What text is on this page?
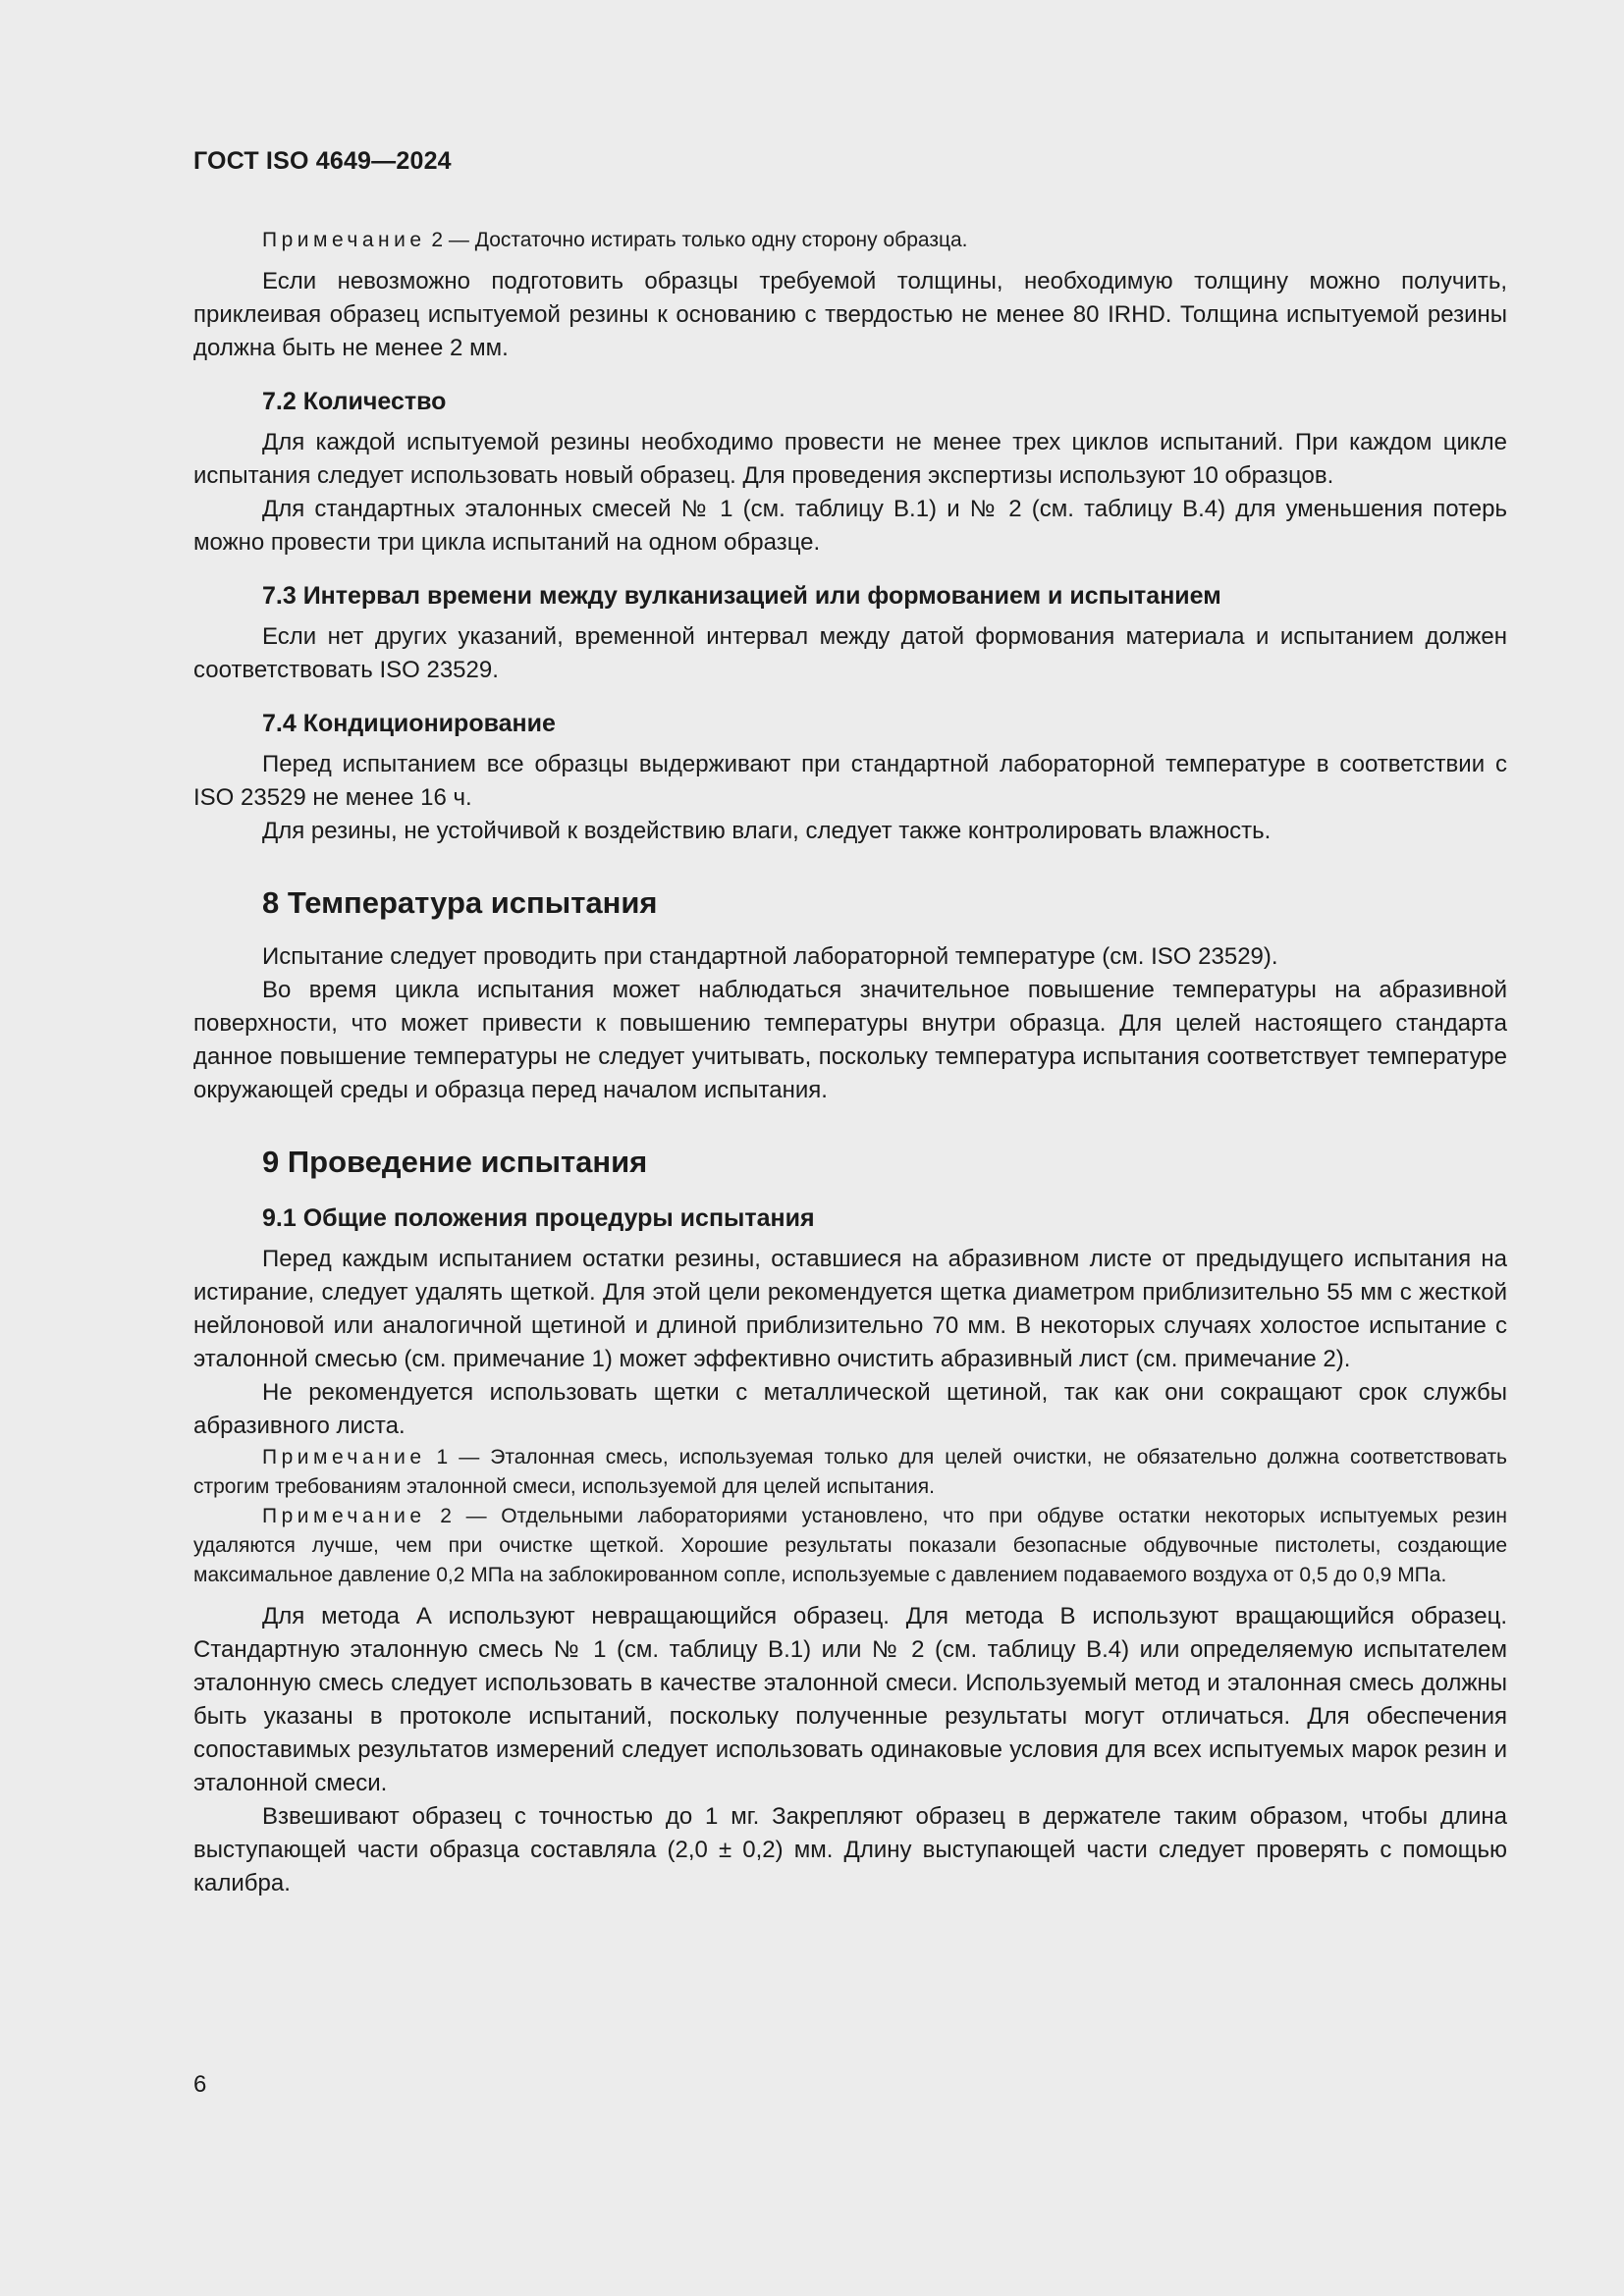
ГОСТ ISO 4649—2024

Примечание 2 — Достаточно истирать только одну сторону образца.

Если невозможно подготовить образцы требуемой толщины, необходимую толщину можно получить, приклеивая образец испытуемой резины к основанию с твердостью не менее 80 IRHD. Толщина испытуемой резины должна быть не менее 2 мм.

7.2 Количество

Для каждой испытуемой резины необходимо провести не менее трех циклов испытаний. При каждом цикле испытания следует использовать новый образец. Для проведения экспертизы используют 10 образцов.

Для стандартных эталонных смесей № 1 (см. таблицу В.1) и № 2 (см. таблицу В.4) для уменьшения потерь можно провести три цикла испытаний на одном образце.

7.3 Интервал времени между вулканизацией или формованием и испытанием

Если нет других указаний, временной интервал между датой формования материала и испытанием должен соответствовать ISO 23529.

7.4 Кондиционирование

Перед испытанием все образцы выдерживают при стандартной лабораторной температуре в соответствии с ISO 23529 не менее 16 ч.

Для резины, не устойчивой к воздействию влаги, следует также контролировать влажность.

8 Температура испытания

Испытание следует проводить при стандартной лабораторной температуре (см. ISO 23529).

Во время цикла испытания может наблюдаться значительное повышение температуры на абразивной поверхности, что может привести к повышению температуры внутри образца. Для целей настоящего стандарта данное повышение температуры не следует учитывать, поскольку температура испытания соответствует температуре окружающей среды и образца перед началом испытания.

9 Проведение испытания
9.1 Общие положения процедуры испытания

Перед каждым испытанием остатки резины, оставшиеся на абразивном листе от предыдущего испытания на истирание, следует удалять щеткой. Для этой цели рекомендуется щетка диаметром приблизительно 55 мм с жесткой нейлоновой или аналогичной щетиной и длиной приблизительно 70 мм. В некоторых случаях холостое испытание с эталонной смесью (см. примечание 1) может эффективно очистить абразивный лист (см. примечание 2).

Не рекомендуется использовать щетки с металлической щетиной, так как они сокращают срок службы абразивного листа.

Примечание 1 — Эталонная смесь, используемая только для целей очистки, не обязательно должна соответствовать строгим требованиям эталонной смеси, используемой для целей испытания.

Примечание 2 — Отдельными лабораториями установлено, что при обдуве остатки некоторых испытуемых резин удаляются лучше, чем при очистке щеткой. Хорошие результаты показали безопасные обдувочные пистолеты, создающие максимальное давление 0,2 МПа на заблокированном сопле, используемые с давлением подаваемого воздуха от 0,5 до 0,9 МПа.

Для метода А используют невращающийся образец. Для метода В используют вращающийся образец. Стандартную эталонную смесь № 1 (см. таблицу В.1) или № 2 (см. таблицу В.4) или определяемую испытателем эталонную смесь следует использовать в качестве эталонной смеси. Используемый метод и эталонная смесь должны быть указаны в протоколе испытаний, поскольку полученные результаты могут отличаться. Для обеспечения сопоставимых результатов измерений следует использовать одинаковые условия для всех испытуемых марок резин и эталонной смеси.

Взвешивают образец с точностью до 1 мг. Закрепляют образец в держателе таким образом, чтобы длина выступающей части образца составляла (2,0 ± 0,2) мм. Длину выступающей части следует проверять с помощью калибра.

6
